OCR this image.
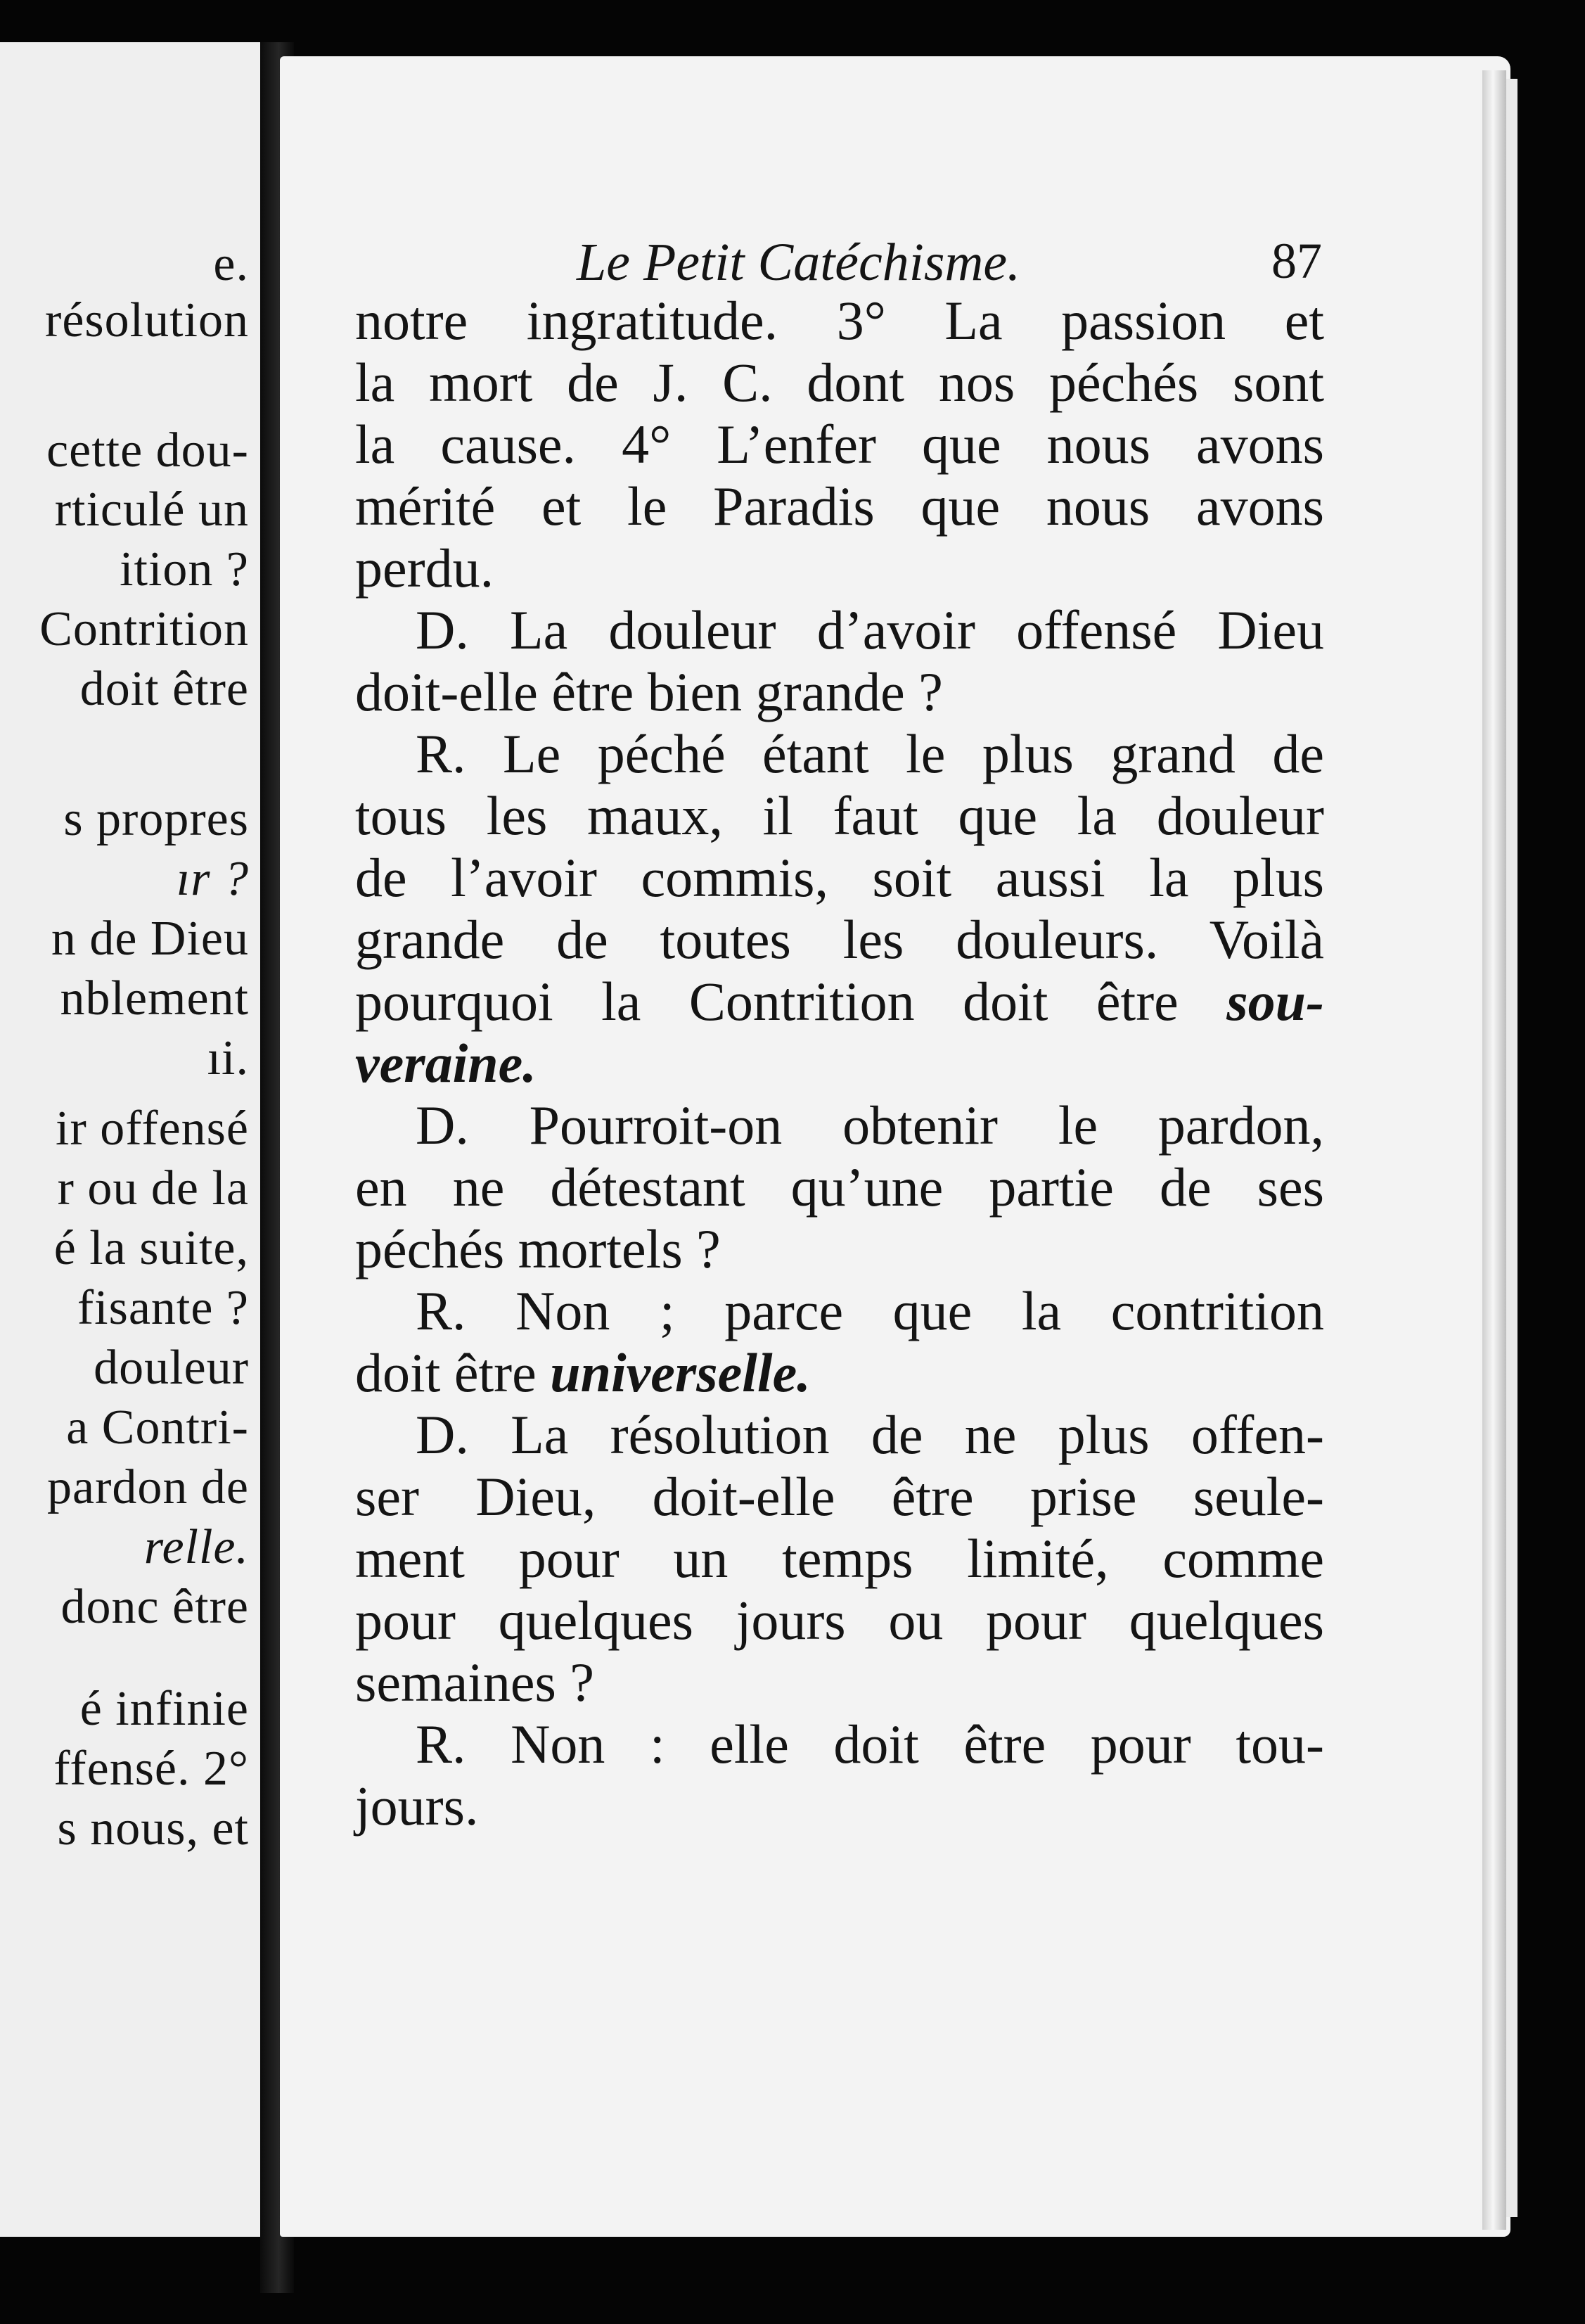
e.
résolution
cette dou-
rticulé un
ition ?
Contrition
doit être
s propres
ır ?
n de Dieu
nblement
ıi.
ir offensé
r ou de la
é la suite,
fisante ?
douleur
a Contri-
pardon de
relle.
donc être
é infinie
ffensé. 2°
s nous, et
Le Petit Catéchisme.	87
notre ingratitude. 3° La passion et
la mort de J. C. dont nos péchés sont
la cause. 4° L’enfer que nous avons
mérité et le Paradis que nous avons
perdu.
D. La douleur d’avoir offensé Dieu
doit-elle être bien grande ?
R. Le péché étant le plus grand de
tous les maux, il faut que la douleur
de l’avoir commis, soit aussi la plus
grande de toutes les douleurs. Voilà
pourquoi la Contrition doit être sou-
veraine.
D. Pourroit-on obtenir le pardon,
en ne détestant qu’une partie de ses
péchés mortels ?
R. Non ; parce que la contrition
doit être universelle.
D. La résolution de ne plus offen-
ser Dieu, doit-elle être prise seule-
ment pour un temps limité, comme
pour quelques jours ou pour quelques
semaines ?
R. Non : elle doit être pour tou-
jours.
